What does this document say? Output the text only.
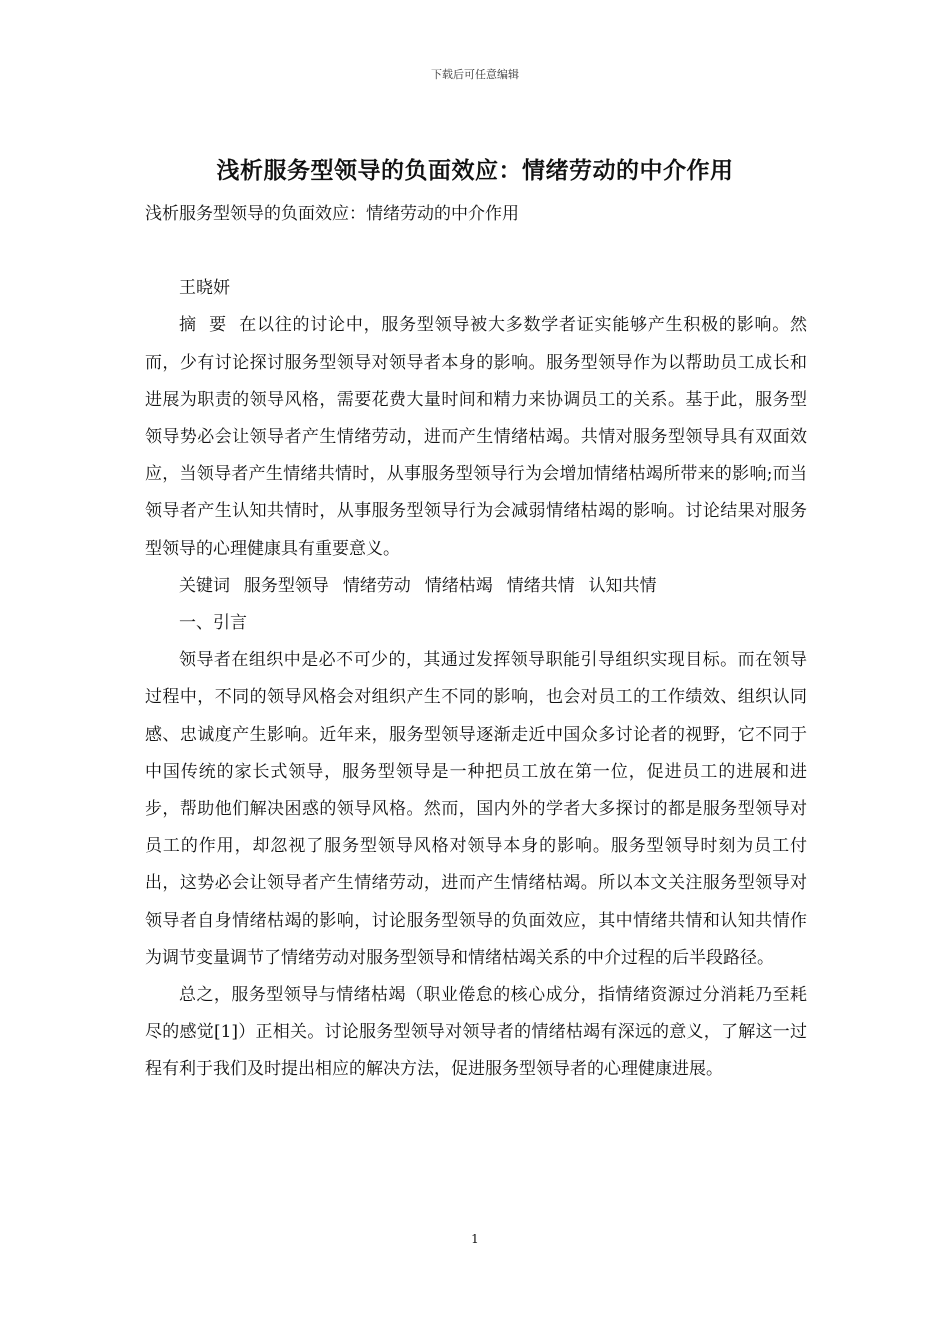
下载后可任意编辑
浅析服务型领导的负面效应：情绪劳动的中介作用

浅析服务型领导的负面效应：情绪劳动的中介作用

王晓妍

摘  要  在以往的讨论中，服务型领导被大多数学者证实能够产生积极的影响。然而，少有讨论探讨服务型领导对领导者本身的影响。服务型领导作为以帮助员工成长和进展为职责的领导风格，需要花费大量时间和精力来协调员工的关系。基于此，服务型领导势必会让领导者产生情绪劳动，进而产生情绪枯竭。共情对服务型领导具有双面效应，当领导者产生情绪共情时，从事服务型领导行为会增加情绪枯竭所带来的影响;而当领导者产生认知共情时，从事服务型领导行为会减弱情绪枯竭的影响。讨论结果对服务型领导的心理健康具有重要意义。

关键词 服务型领导 情绪劳动 情绪枯竭 情绪共情 认知共情

一、引言

领导者在组织中是必不可少的，其通过发挥领导职能引导组织实现目标。而在领导过程中，不同的领导风格会对组织产生不同的影响，也会对员工的工作绩效、组织认同感、忠诚度产生影响。近年来，服务型领导逐渐走近中国众多讨论者的视野，它不同于中国传统的家长式领导，服务型领导是一种把员工放在第一位，促进员工的进展和进步，帮助他们解决困惑的领导风格。然而，国内外的学者大多探讨的都是服务型领导对员工的作用，却忽视了服务型领导风格对领导本身的影响。服务型领导时刻为员工付出，这势必会让领导者产生情绪劳动，进而产生情绪枯竭。所以本文关注服务型领导对领导者自身情绪枯竭的影响，讨论服务型领导的负面效应，其中情绪共情和认知共情作为调节变量调节了情绪劳动对服务型领导和情绪枯竭关系的中介过程的后半段路径。

总之，服务型领导与情绪枯竭（职业倦怠的核心成分，指情绪资源过分消耗乃至耗尽的感觉[1]）正相关。讨论服务型领导对领导者的情绪枯竭有深远的意义，了解这一过程有利于我们及时提出相应的解决方法，促进服务型领导者的心理健康进展。

1
